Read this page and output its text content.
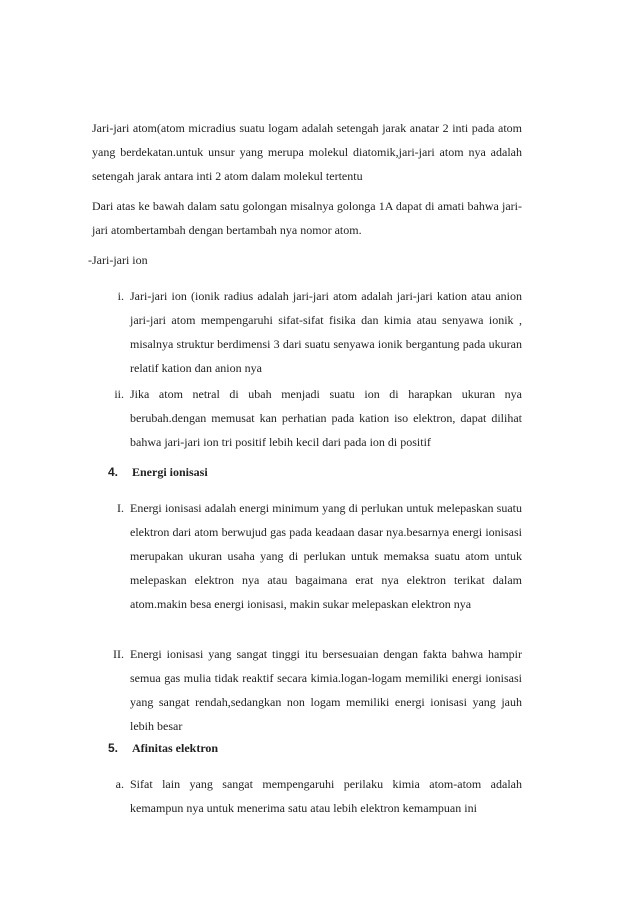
Jari-jari atom(atom micradius suatu logam adalah setengah jarak anatar 2 inti pada atom yang berdekatan.untuk unsur yang merupa molekul diatomik,jari-jari atom nya adalah setengah jarak antara inti 2 atom dalam molekul tertentu
Dari atas ke bawah dalam satu golongan misalnya golonga 1A dapat di amati bahwa jari-jari atombertambah dengan bertambah nya nomor atom.
-Jari-jari ion
i. Jari-jari ion (ionik radius adalah jari-jari atom adalah jari-jari kation atau anion jari-jari atom mempengaruhi sifat-sifat fisika dan kimia atau senyawa ionik , misalnya struktur berdimensi 3 dari suatu senyawa ionik bergantung pada ukuran relatif kation dan anion nya
ii. Jika atom netral di ubah menjadi suatu ion di harapkan ukuran nya berubah.dengan memusat kan perhatian pada kation iso elektron, dapat dilihat bahwa jari-jari ion tri positif lebih kecil dari pada ion di positif
4. Energi ionisasi
I. Energi ionisasi adalah energi minimum yang di perlukan untuk melepaskan suatu elektron dari atom berwujud gas pada keadaan dasar nya.besarnya energi ionisasi merupakan ukuran usaha yang di perlukan untuk memaksa suatu atom untuk melepaskan elektron nya atau bagaimana erat nya elektron terikat dalam atom.makin besa energi ionisasi, makin sukar melepaskan elektron nya
II. Energi ionisasi yang sangat tinggi itu bersesuaian dengan fakta bahwa hampir semua gas mulia tidak reaktif secara kimia.logan-logam memiliki energi ionisasi yang sangat rendah,sedangkan non logam memiliki energi ionisasi yang jauh lebih besar
5. Afinitas elektron
a. Sifat lain yang sangat mempengaruhi perilaku kimia atom-atom adalah kemampun nya untuk menerima satu atau lebih elektron kemampuan ini
